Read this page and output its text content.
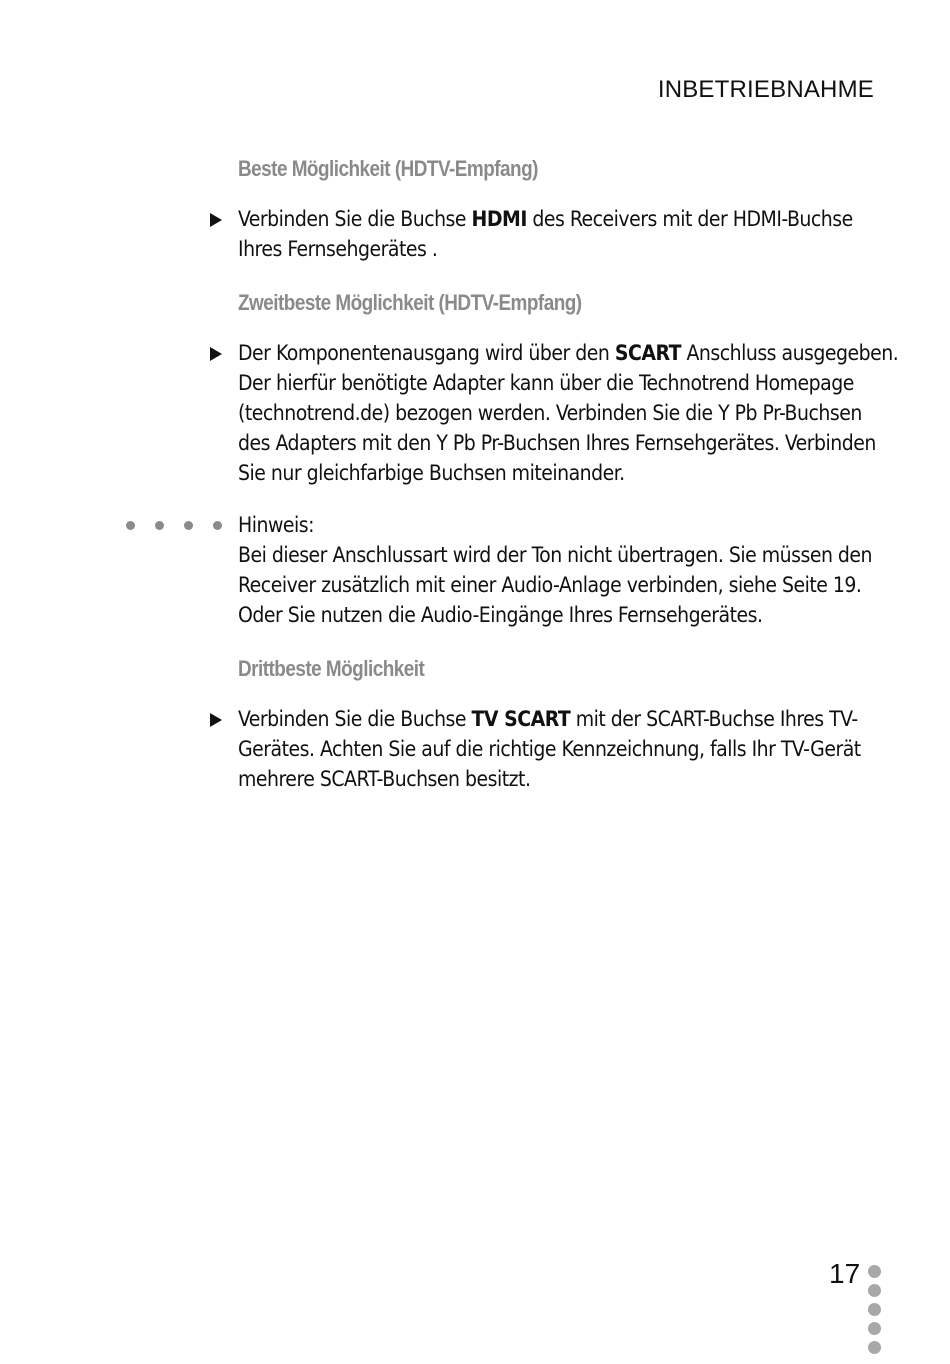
INBETRIEBNAHME
Beste Möglichkeit (HDTV-Empfang)
Verbinden Sie die Buchse HDMI des Receivers mit der HDMI-Buchse
Ihres Fernsehgerätes .
Zweitbeste Möglichkeit (HDTV-Empfang)
Der Komponentenausgang wird über den SCART Anschluss ausgegeben.
Der hierfür benötigte Adapter kann über die Technotrend Homepage
(technotrend.de) bezogen werden. Verbinden Sie die Y Pb Pr-Buchsen
des Adapters mit den Y Pb Pr-Buchsen Ihres Fernsehgerätes. Verbinden
Sie nur gleichfarbige Buchsen miteinander.
Hinweis:
Bei dieser Anschlussart wird der Ton nicht übertragen. Sie müssen den
Receiver zusätzlich mit einer Audio-Anlage verbinden, siehe Seite 19.
Oder Sie nutzen die Audio-Eingänge Ihres Fernsehgerätes.
Drittbeste Möglichkeit
Verbinden Sie die Buchse TV SCART mit der SCART-Buchse Ihres TV-
Gerätes. Achten Sie auf die richtige Kennzeichnung, falls Ihr TV-Gerät
mehrere SCART-Buchsen besitzt.
17
